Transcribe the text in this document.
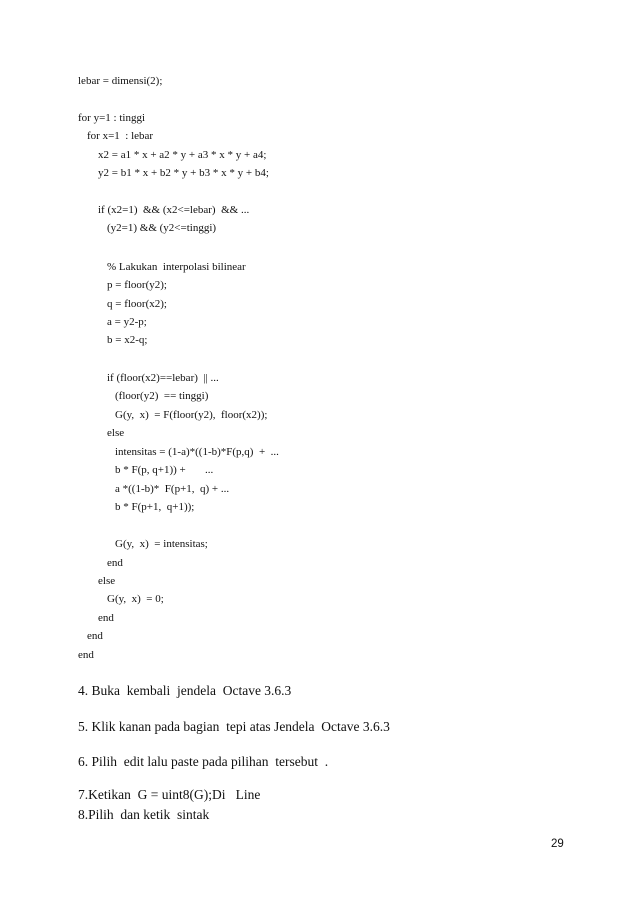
lebar = dimensi(2);
for y=1 : tinggi
for x=1  : lebar
x2 = a1 * x + a2 * y + a3 * x * y + a4;
y2 = b1 * x + b2 * y + b3 * x * y + b4;
if (x2=1)  && (x2<=lebar)  && ...
(y2=1) && (y2<=tinggi)
% Lakukan  interpolasi bilinear
p = floor(y2);
q = floor(x2);
a = y2-p;
b = x2-q;
if (floor(x2)==lebar)  || ...
(floor(y2)  == tinggi)
G(y,  x)  = F(floor(y2),  floor(x2));
else
intensitas = (1-a)*((1-b)*F(p,q)  +  ...
b * F(p, q+1)) +       ...
a *((1-b)*  F(p+1,  q) + ...
b * F(p+1,  q+1));
G(y,  x)  = intensitas;
end
else
G(y,  x)  = 0;
end
end
end
4. Buka  kembali  jendela  Octave 3.6.3
5. Klik kanan pada bagian  tepi atas Jendela  Octave 3.6.3
6. Pilih  edit lalu paste pada pilihan  tersebut  .
7.Ketikan  G = uint8(G);Di   Line
8.Pilih  dan ketik  sintak
29
